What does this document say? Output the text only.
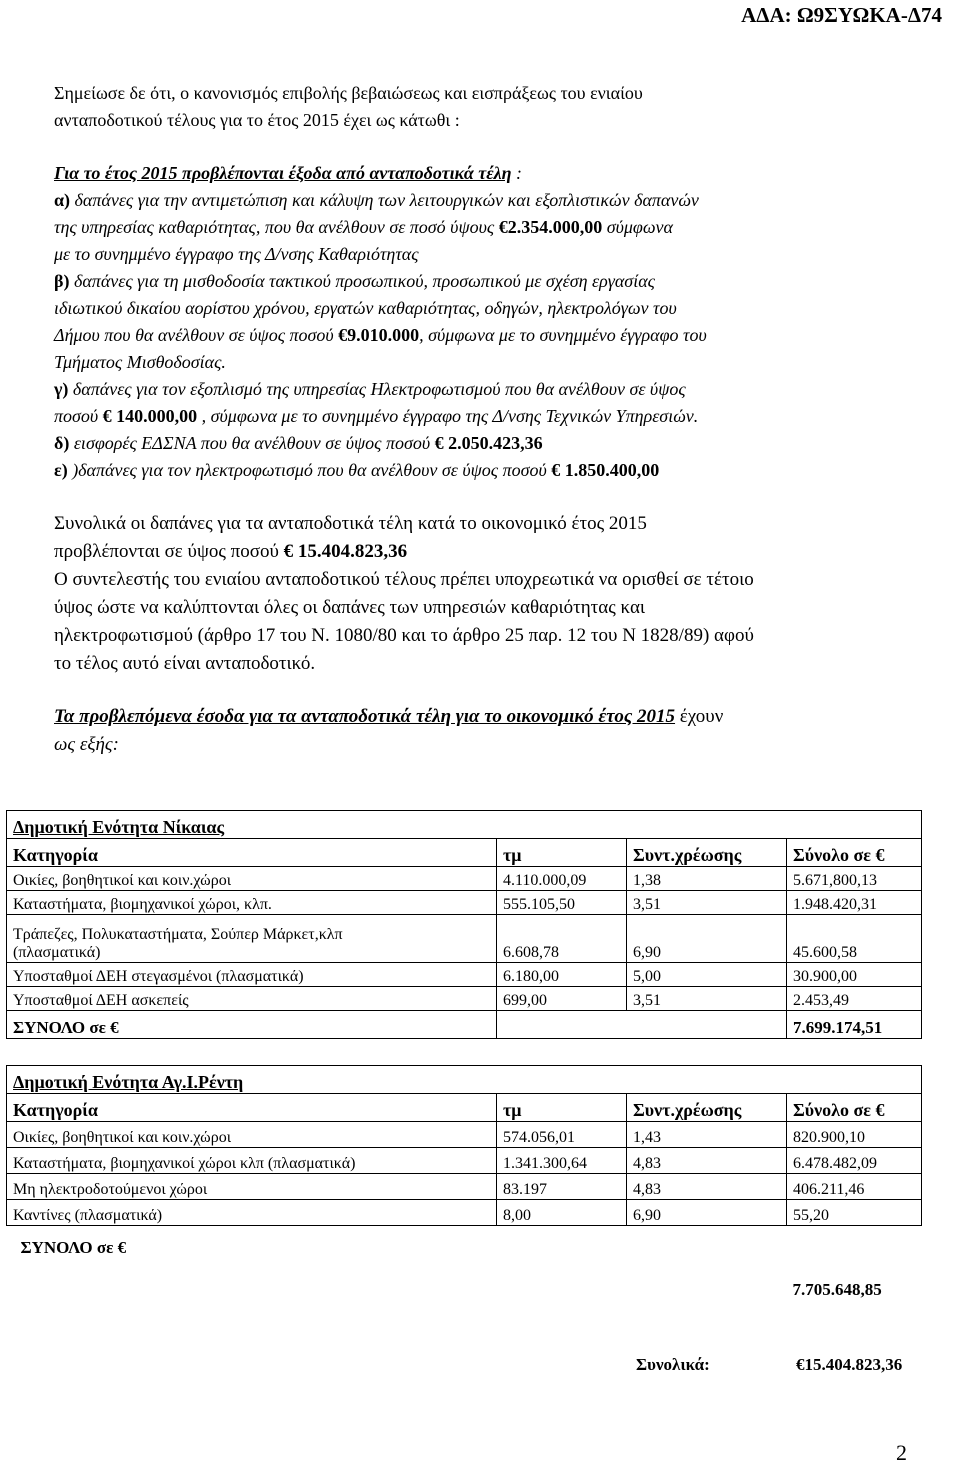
ΑΔΑ: Ω9ΣΥΩΚΑ-Δ74
Σημείωσε δε ότι, ο κανονισμός επιβολής βεβαιώσεως και εισπράξεως του ενιαίου
ανταποδοτικού τέλους για το έτος 2015 έχει ως κάτωθι :
Για το έτος 2015 προβλέπονται έξοδα από ανταποδοτικά τέλη :
α) δαπάνες για την αντιμετώπιση και κάλυψη των λειτουργικών και εξοπλιστικών δαπανών
της υπηρεσίας καθαριότητας, που θα ανέλθουν σε ποσό ύψους €2.354.000,00 σύμφωνα
με το συνημμένο έγγραφο της Δ/νσης Καθαριότητας
β) δαπάνες για τη μισθοδοσία τακτικού προσωπικού, προσωπικού με σχέση εργασίας
ιδιωτικού δικαίου αορίστου χρόνου, εργατών καθαριότητας, οδηγών, ηλεκτρολόγων του
Δήμου που θα ανέλθουν σε ύψος ποσού €9.010.000, σύμφωνα με το συνημμένο έγγραφο του
Τμήματος Μισθοδοσίας.
γ) δαπάνες για τον εξοπλισμό της υπηρεσίας Ηλεκτροφωτισμού που θα ανέλθουν σε ύψος
ποσού € 140.000,00 , σύμφωνα με το συνημμένο έγγραφο της Δ/νσης Τεχνικών Υπηρεσιών.
δ) εισφορές ΕΔΣΝΑ που θα ανέλθουν σε ύψος ποσού € 2.050.423,36
ε) )δαπάνες για τον ηλεκτροφωτισμό που θα ανέλθουν σε ύψος ποσού € 1.850.400,00
Συνολικά οι δαπάνες για τα ανταποδοτικά τέλη κατά το οικονομικό έτος 2015
προβλέπονται σε ύψος ποσού € 15.404.823,36
Ο συντελεστής του ενιαίου ανταποδοτικού τέλους πρέπει υποχρεωτικά να ορισθεί σε τέτοιο
ύψος ώστε να καλύπτονται όλες οι δαπάνες των υπηρεσιών καθαριότητας και
ηλεκτροφωτισμού (άρθρο 17 του Ν. 1080/80 και το άρθρο 25 παρ. 12 του Ν 1828/89) αφού
το τέλος αυτό είναι ανταποδοτικό.
Τα προβλεπόμενα έσοδα για τα ανταποδοτικά τέλη για το οικονομικό έτος 2015 έχουν
ως εξής:
Δημοτική Ενότητα Νίκαιας			
Κατηγορία	τμ	Συντ.χρέωσης	Σύνολο σε €
Οικίες, βοηθητικοί και κοιν.χώροι	4.110.000,09	1,38	5.671,800,13
Καταστήματα, βιομηχανικοί χώροι, κλπ.	555.105,50	3,51	1.948.420,31
Τράπεζες, Πολυκαταστήματα, Σούπερ Μάρκετ,κλπ
(πλασματικά)	6.608,78	6,90	45.600,58
Υποσταθμοί ΔΕΗ στεγασμένοι (πλασματικά)	6.180,00	5,00	30.900,00
Υποσταθμοί ΔΕΗ ασκεπείς	699,00	3,51	2.453,49
ΣΥΝΟΛΟ σε €			7.699.174,51
Δημοτική Ενότητα Αγ.Ι.Ρέντη			
Κατηγορία	τμ	Συντ.χρέωσης	Σύνολο σε €
Οικίες, βοηθητικοί και κοιν.χώροι	574.056,01	1,43	820.900,10
Καταστήματα, βιομηχανικοί χώροι κλπ (πλασματικά)	1.341.300,64	4,83	6.478.482,09
Μη ηλεκτροδοτούμενοι χώροι	83.197	4,83	406.211,46
Καντίνες (πλασματικά)	8,00	6,90	55,20
ΣΥΝΟΛΟ σε €			7.705.648,85
Συνολικά:	€15.404.823,36
2
